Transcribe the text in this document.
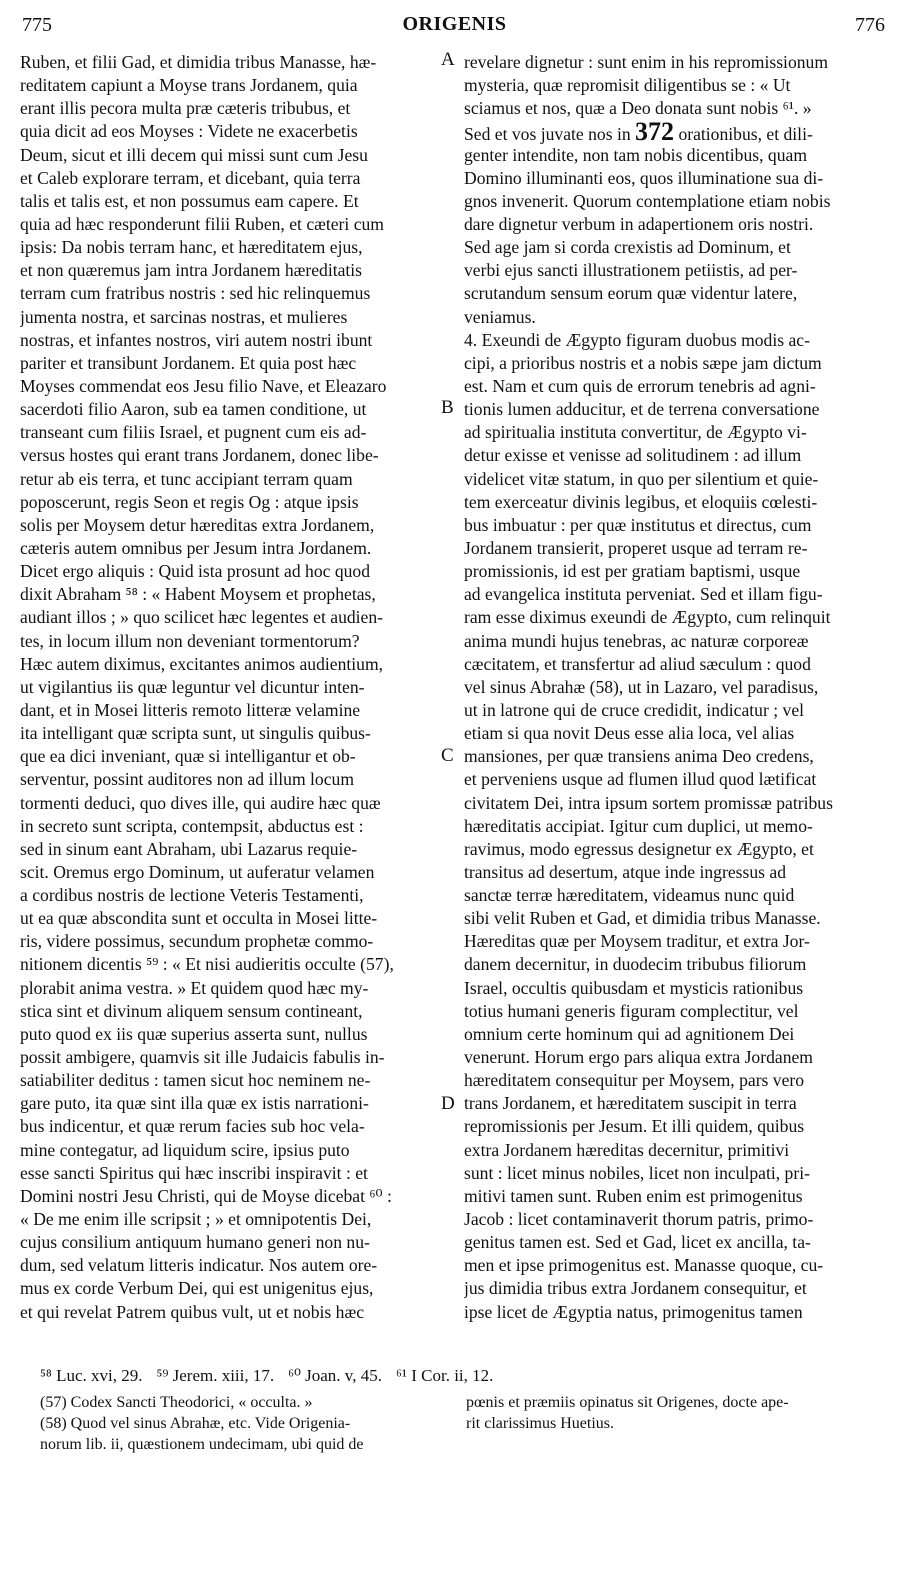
775	ORIGENIS	776
Ruben, et filii Gad, et dimidia tribus Manasse, hæ-
reditatem capiunt a Moyse trans Jordanem, quia
erant illis pecora multa præ cæteris tribubus, et
quia dicit ad eos Moyses : Videte ne exacerbetis
Deum, sicut et illi decem qui missi sunt cum Jesu
et Caleb explorare terram, et dicebant, quia terra
talis et talis est, et non possumus eam capere. Et
quia ad hæc responderunt filii Ruben, et cæteri cum
ipsis: Da nobis terram hanc, et hæreditatem ejus,
et non quæremus jam intra Jordanem hæreditatis
terram cum fratribus nostris : sed hic relinquemus
jumenta nostra, et sarcinas nostras, et mulieres
nostras, et infantes nostros, viri autem nostri ibunt
pariter et transibunt Jordanem. Et quia post hæc
Moyses commendat eos Jesu filio Nave, et Eleazaro
sacerdoti filio Aaron, sub ea tamen conditione, ut
transeant cum filiis Israel, et pugnent cum eis ad-
versus hostes qui erant trans Jordanem, donec libe-
retur ab eis terra, et tunc accipiant terram quam
poposcerunt, regis Seon et regis Og : atque ipsis
solis per Moysem detur hæreditas extra Jordanem,
cæteris autem omnibus per Jesum intra Jordanem.
Dicet ergo aliquis : Quid ista prosunt ad hoc quod
dixit Abraham ⁵⁸ : « Habent Moysem et prophetas,
audiant illos ; » quo scilicet hæc legentes et audien-
tes, in locum illum non deveniant tormentorum?
Hæc autem diximus, excitantes animos audientium,
ut vigilantius iis quæ leguntur vel dicuntur inten-
dant, et in Mosei litteris remoto litteræ velamine
ita intelligant quæ scripta sunt, ut singulis quibus-
que ea dici inveniant, quæ si intelligantur et ob-
serventur, possint auditores non ad illum locum
tormenti deduci, quo dives ille, qui audire hæc quæ
in secreto sunt scripta, contempsit, abductus est :
sed in sinum eant Abraham, ubi Lazarus requie-
scit. Oremus ergo Dominum, ut auferatur velamen
a cordibus nostris de lectione Veteris Testamenti,
ut ea quæ abscondita sunt et occulta in Mosei litte-
ris, videre possimus, secundum prophetæ commo-
nitionem dicentis ⁵⁹ : « Et nisi audieritis occulte (57),
plorabit anima vestra. » Et quidem quod hæc my-
stica sint et divinum aliquem sensum contineant,
puto quod ex iis quæ superius asserta sunt, nullus
possit ambigere, quamvis sit ille Judaicis fabulis in-
satiabiliter deditus : tamen sicut hoc neminem ne-
gare puto, ita quæ sint illa quæ ex istis narrationi-
bus indicentur, et quæ rerum facies sub hoc vela-
mine contegatur, ad liquidum scire, ipsius puto
esse sancti Spiritus qui hæc inscribi inspiravit : et
Domini nostri Jesu Christi, qui de Moyse dicebat ⁶⁰ :
« De me enim ille scripsit ; » et omnipotentis Dei,
cujus consilium antiquum humano generi non nu-
dum, sed velatum litteris indicatur. Nos autem ore-
mus ex corde Verbum Dei, qui est unigenitus ejus,
et qui revelat Patrem quibus vult, ut et nobis hæc
revelare dignetur : sunt enim in his repromissionum
mysteria, quæ repromisit diligentibus se : « Ut
sciamus et nos, quæ a Deo donata sunt nobis ⁶¹. »
Sed et vos juvate nos in 372 orationibus, et dili-
genter intendite, non tam nobis dicentibus, quam
Domino illuminanti eos, quos illuminatione sua di-
gnos invenerit. Quorum contemplatione etiam nobis
dare dignetur verbum in adapertionem oris nostri.
Sed age jam si corda crexistis ad Dominum, et
verbi ejus sancti illustrationem petiistis, ad per-
scrutandum sensum eorum quæ videntur latere,
veniamus.
4. Exeundi de Ægypto figuram duobus modis ac-
cipi, a prioribus nostris et a nobis sæpe jam dictum
est. Nam et cum quis de errorum tenebris ad agni-
tionis lumen adducitur, et de terrena conversatione
ad spiritualia instituta convertitur, de Ægypto vi-
detur exisse et venisse ad solitudinem : ad illum
videlicet vitæ statum, in quo per silentium et quie-
tem exerceatur divinis legibus, et eloquiis cœlesti-
bus imbuatur : per quæ institutus et directus, cum
Jordanem transierit, properet usque ad terram re-
promissionis, id est per gratiam baptismi, usque
ad evangelica instituta perveniat. Sed et illam figu-
ram esse diximus exeundi de Ægypto, cum relinquit
anima mundi hujus tenebras, ac naturæ corporeæ
cæcitatem, et transfertur ad aliud sæculum : quod
vel sinus Abrahæ (58), ut in Lazaro, vel paradisus,
ut in latrone qui de cruce credidit, indicatur ; vel
etiam si qua novit Deus esse alia loca, vel alias
mansiones, per quæ transiens anima Deo credens,
et perveniens usque ad flumen illud quod lætificat
civitatem Dei, intra ipsum sortem promissæ patribus
hæreditatis accipiat. Igitur cum duplici, ut memo-
ravimus, modo egressus designetur ex Ægypto, et
transitus ad desertum, atque inde ingressus ad
sanctæ terræ hæreditatem, videamus nunc quid
sibi velit Ruben et Gad, et dimidia tribus Manasse.
Hæreditas quæ per Moysem traditur, et extra Jor-
danem decernitur, in duodecim tribubus filiorum
Israel, occultis quibusdam et mysticis rationibus
totius humani generis figuram complectitur, vel
omnium certe hominum qui ad agnitionem Dei
venerunt. Horum ergo pars aliqua extra Jordanem
hæreditatem consequitur per Moysem, pars vero
trans Jordanem, et hæreditatem suscipit in terra
repromissionis per Jesum. Et illi quidem, quibus
extra Jordanem hæreditas decernitur, primitivi
sunt : licet minus nobiles, licet non inculpati, pri-
mitivi tamen sunt. Ruben enim est primogenitus
Jacob : licet contaminaverit thorum patris, primo-
genitus tamen est. Sed et Gad, licet ex ancilla, ta-
men et ipse primogenitus est. Manasse quoque, cu-
jus dimidia tribus extra Jordanem consequitur, et
ipse licet de Ægyptia natus, primogenitus tamen
A
B
C
D
⁵⁸ Luc. xvi, 29. ⁵⁹ Jerem. xiii, 17. ⁶⁰ Joan. v, 45. ⁶¹ I Cor. ii, 12.
(57) Codex Sancti Theodorici, « occulta. »
(58) Quod vel sinus Abrahæ, etc. Vide Origenia-
norum lib. ii, quæstionem undecimam, ubi quid de
pœnis et præmiis opinatus sit Origenes, docte ape-
rit clarissimus Huetius.
